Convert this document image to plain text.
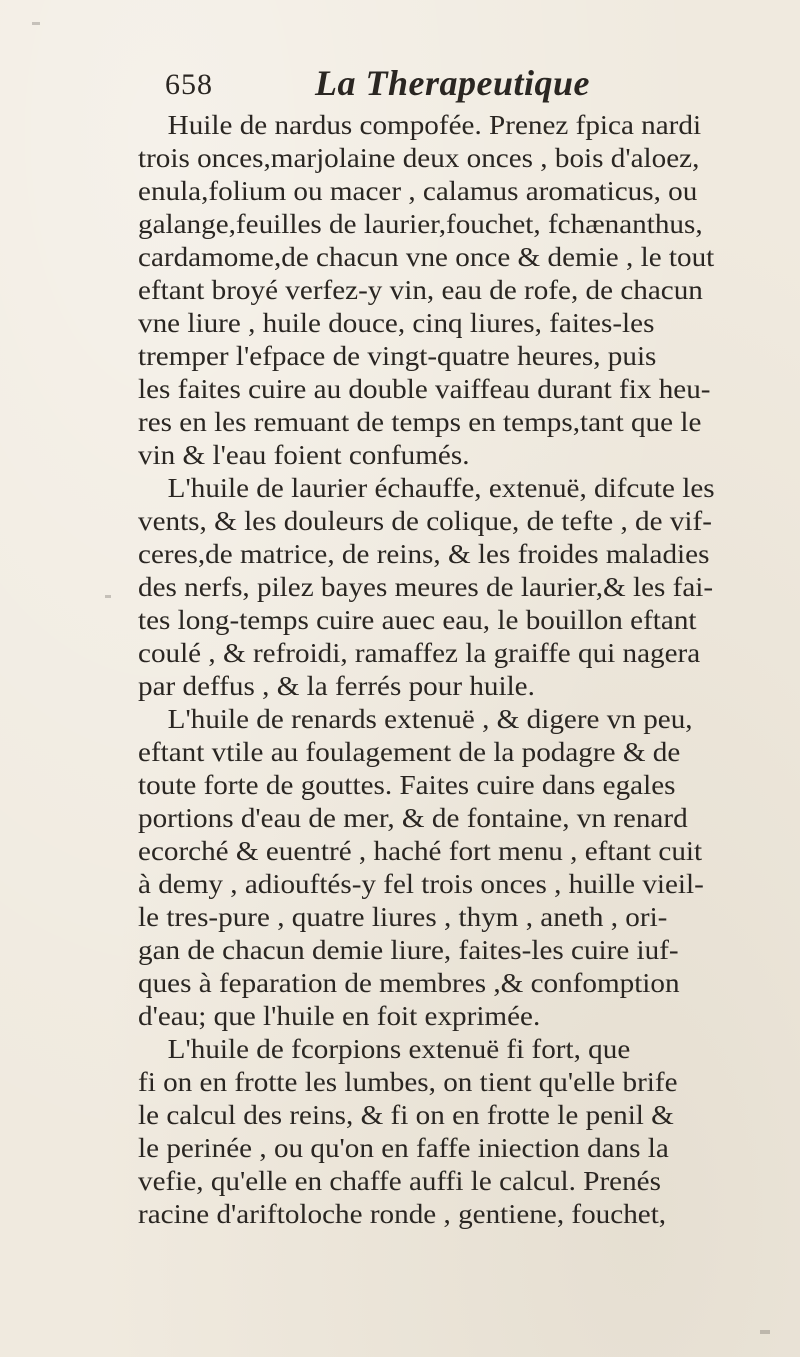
658	La Therapeutique

Huile de nardus compofée. Prenez fpica nardi
trois onces,marjolaine deux onces , bois d'aloez,
enula,folium ou macer , calamus aromaticus, ou
galange,feuilles de laurier,fouchet, fchænanthus,
cardamome,de chacun vne once & demie , le tout
eftant broyé verfez-y vin, eau de rofe, de chacun
vne liure , huile douce, cinq liures, faites-les
tremper l'efpace de vingt-quatre heures, puis
les faites cuire au double vaiffeau durant fix heu-
res en les remuant de temps en temps,tant que le
vin & l'eau foient confumés.
L'huile de laurier échauffe, extenuë, difcute les
vents, & les douleurs de colique, de tefte , de vif-
ceres,de matrice, de reins, & les froides maladies
des nerfs, pilez bayes meures de laurier,& les fai-
tes long-temps cuire auec eau, le bouillon eftant
coulé , & refroidi, ramaffez la graiffe qui nagera
par deffus , & la ferrés pour huile.
L'huile de renards extenuë , & digere vn peu,
eftant vtile au foulagement de la podagre & de
toute forte de gouttes. Faites cuire dans egales
portions d'eau de mer, & de fontaine, vn renard
ecorché & euentré , haché fort menu , eftant cuit
à demy , adiouftés-y fel trois onces , huille vieil-
le tres-pure , quatre liures , thym , aneth , ori-
gan de chacun demie liure, faites-les cuire iuf-
ques à feparation de membres ,& confomption
d'eau; que l'huile en foit exprimée.
L'huile de fcorpions extenuë fi fort, que
fi on en frotte les lumbes, on tient qu'elle brife
le calcul des reins, & fi on en frotte le penil &
le perinée , ou qu'on en faffe iniection dans la
vefie, qu'elle en chaffe auffi le calcul. Prenés
racine d'ariftoloche ronde , gentiene, fouchet,
